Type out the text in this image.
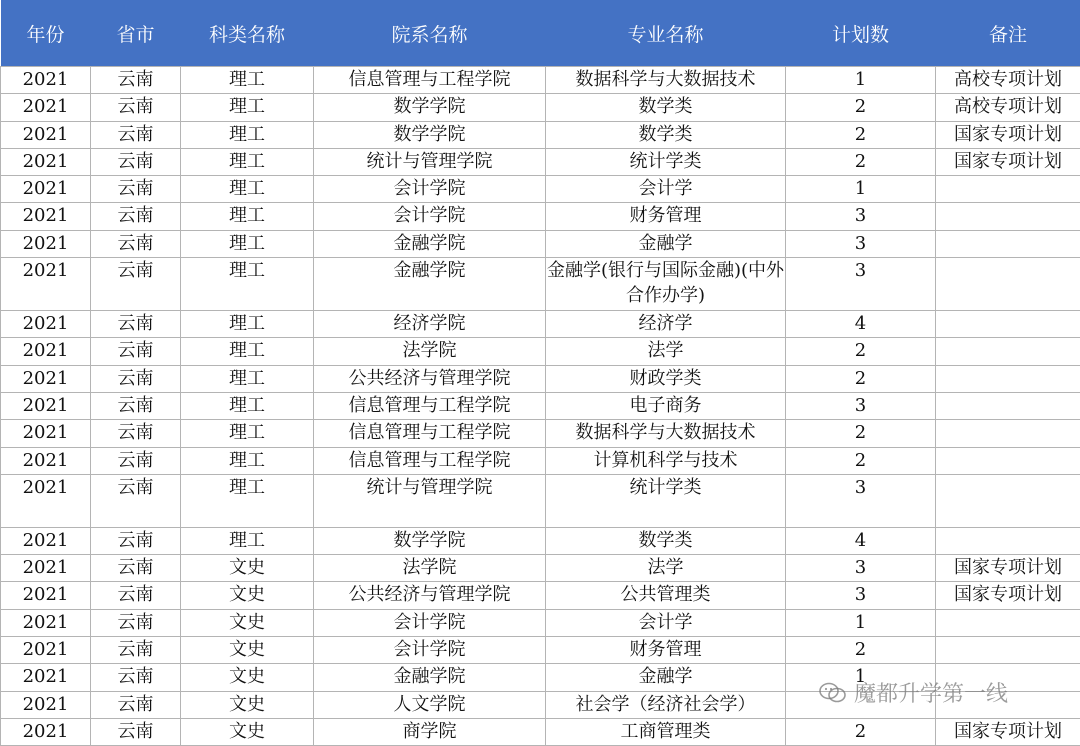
年份	省市	科类名称	院系名称	专业名称	计划数	备注
2021	云南	理工	信息管理与工程学院	数据科学与大数据技术	1	高校专项计划
2021	云南	理工	数学学院	数学类	2	高校专项计划
2021	云南	理工	数学学院	数学类	2	国家专项计划
2021	云南	理工	统计与管理学院	统计学类	2	国家专项计划
2021	云南	理工	会计学院	会计学	1	
2021	云南	理工	会计学院	财务管理	3	
2021	云南	理工	金融学院	金融学	3	
2021	云南	理工	金融学院	金融学(银行与国际金融)(中外合作办学)	3	
2021	云南	理工	经济学院	经济学	4	
2021	云南	理工	法学院	法学	2	
2021	云南	理工	公共经济与管理学院	财政学类	2	
2021	云南	理工	信息管理与工程学院	电子商务	3	
2021	云南	理工	信息管理与工程学院	数据科学与大数据技术	2	
2021	云南	理工	信息管理与工程学院	计算机科学与技术	2	
2021	云南	理工	统计与管理学院	统计学类	3	
2021	云南	理工	数学学院	数学类	4	
2021	云南	文史	法学院	法学	3	国家专项计划
2021	云南	文史	公共经济与管理学院	公共管理类	3	国家专项计划
2021	云南	文史	会计学院	会计学	1	
2021	云南	文史	会计学院	财务管理	2	
2021	云南	文史	金融学院	金融学	1	
2021	云南	文史	人文学院	社会学（经济社会学）		
2021	云南	文史	商学院	工商管理类	2	国家专项计划
魔都升学第一线
